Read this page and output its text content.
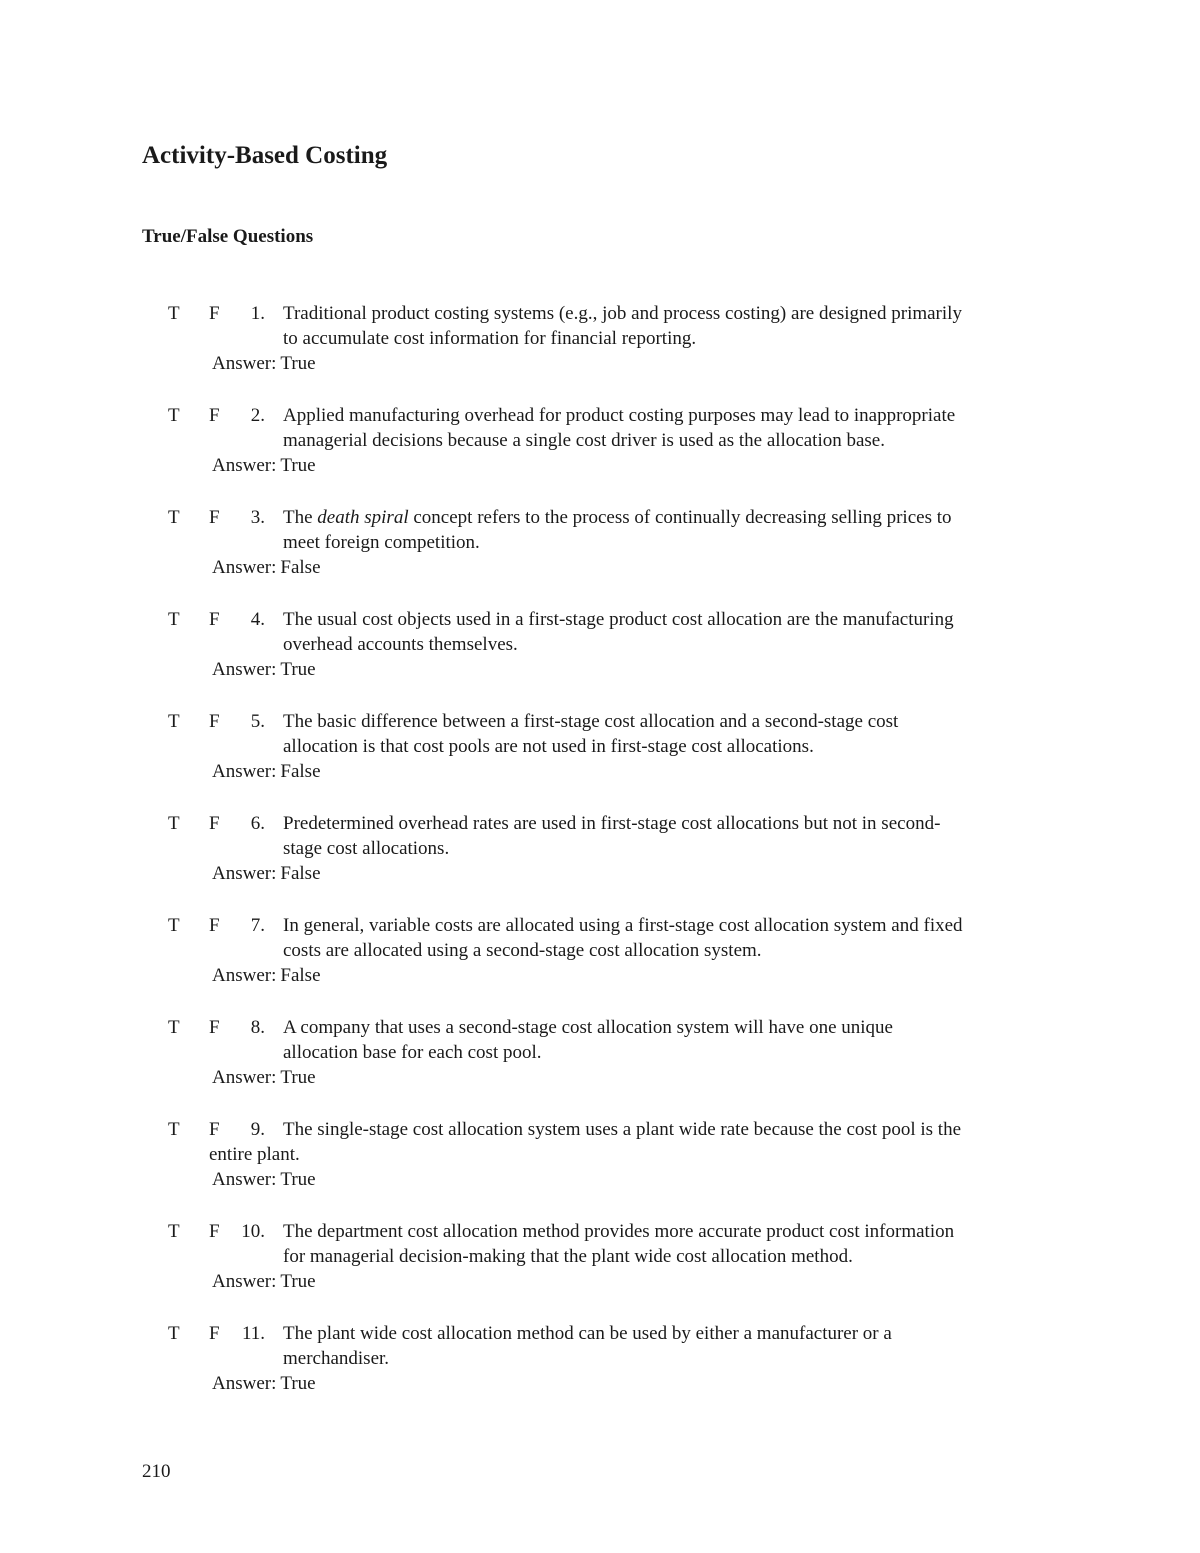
Activity-Based Costing
True/False Questions
T F	1. Traditional product costing systems (e.g., job and process costing) are designed primarily
to accumulate cost information for financial reporting.
Answer: True
T F	2. Applied manufacturing overhead for product costing purposes may lead to inappropriate
managerial decisions because a single cost driver is used as the allocation base.
Answer: True
T F	3. The death spiral concept refers to the process of continually decreasing selling prices to
meet foreign competition.
Answer: False
T F	4. The usual cost objects used in a first-stage product cost allocation are the manufacturing
overhead accounts themselves.
Answer: True
T F	5. The basic difference between a first-stage cost allocation and a second-stage cost
allocation is that cost pools are not used in first-stage cost allocations.
Answer: False
T F	6. Predetermined overhead rates are used in first-stage cost allocations but not in second-
stage cost allocations.
Answer: False
T F	7. In general, variable costs are allocated using a first-stage cost allocation system and fixed
costs are allocated using a second-stage cost allocation system.
Answer: False
T F	8. A company that uses a second-stage cost allocation system will have one unique
allocation base for each cost pool.
Answer: True
T F	9. The single-stage cost allocation system uses a plant wide rate because the cost pool is the
entire plant.
Answer: True
T F	10. The department cost allocation method provides more accurate product cost information
for managerial decision-making that the plant wide cost allocation method.
Answer: True
T F	11. The plant wide cost allocation method can be used by either a manufacturer or a
merchandiser.
Answer: True
210
